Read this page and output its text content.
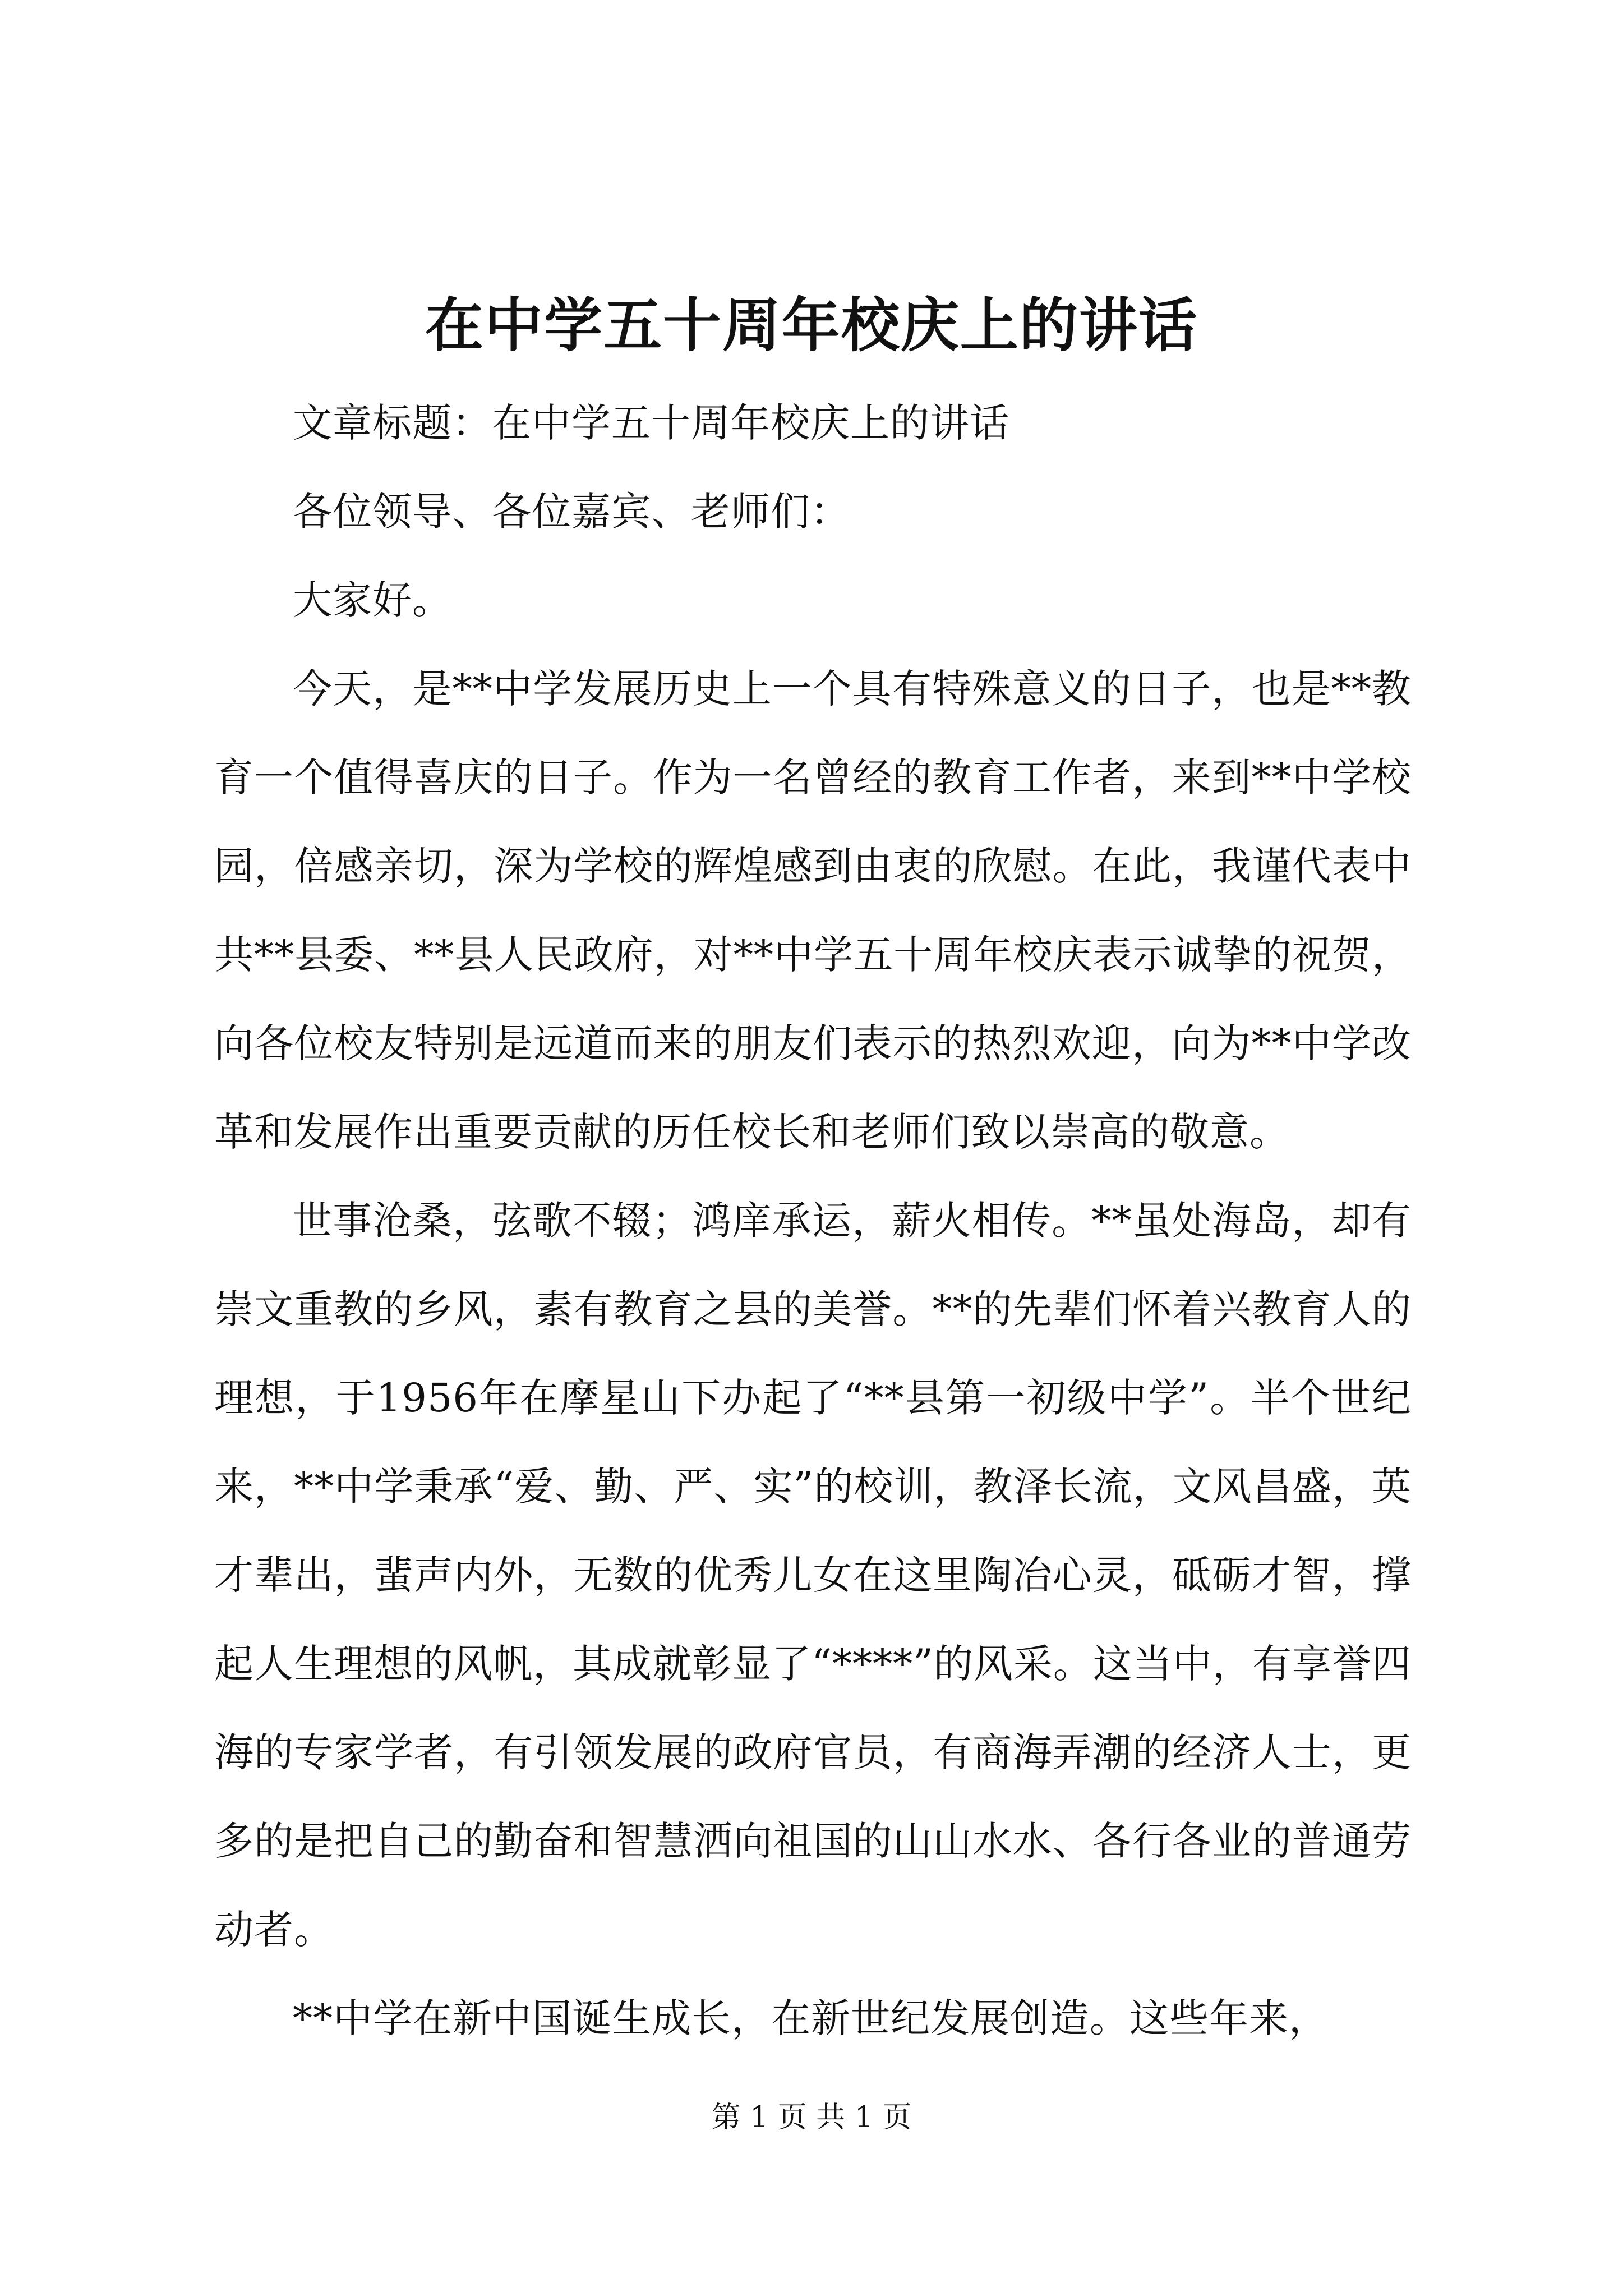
在中学五十周年校庆上的讲话

文章标题：在中学五十周年校庆上的讲话

各位领导、各位嘉宾、老师们：

大家好。

今天，是**中学发展历史上一个具有特殊意义的日子，也是**教育一个值得喜庆的日子。作为一名曾经的教育工作者，来到**中学校园，倍感亲切，深为学校的辉煌感到由衷的欣慰。在此，我谨代表中共**县委、**县人民政府，对**中学五十周年校庆表示诚挚的祝贺，向各位校友特别是远道而来的朋友们表示的热烈欢迎，向为**中学改革和发展作出重要贡献的历任校长和老师们致以崇高的敬意。

世事沧桑，弦歌不辍；鸿庠承运，薪火相传。**虽处海岛，却有崇文重教的乡风，素有教育之县的美誉。**的先辈们怀着兴教育人的理想，于1956年在摩星山下办起了“**县第一初级中学”。半个世纪来，**中学秉承“爱、勤、严、实”的校训，教泽长流，文风昌盛，英才辈出，蜚声内外，无数的优秀儿女在这里陶冶心灵，砥砺才智，撑起人生理想的风帆，其成就彰显了“****”的风采。这当中，有享誉四海的专家学者，有引领发展的政府官员，有商海弄潮的经济人士，更多的是把自己的勤奋和智慧洒向祖国的山山水水、各行各业的普通劳动者。

**中学在新中国诞生成长，在新世纪发展创造。这些年来，

第 1 页 共 1 页
